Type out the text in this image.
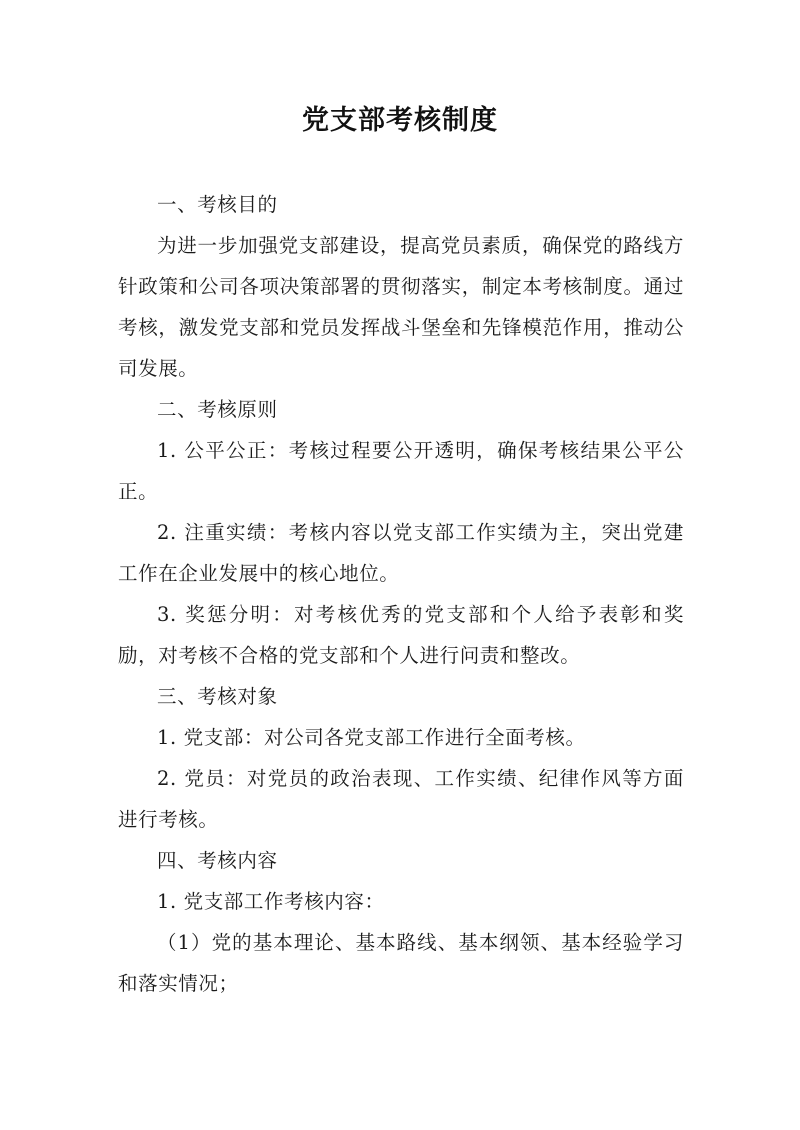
党支部考核制度

一、考核目的

为进一步加强党支部建设，提高党员素质，确保党的路线方针政策和公司各项决策部署的贯彻落实，制定本考核制度。通过考核，激发党支部和党员发挥战斗堡垒和先锋模范作用，推动公司发展。

二、考核原则

1. 公平公正：考核过程要公开透明，确保考核结果公平公正。

2. 注重实绩：考核内容以党支部工作实绩为主，突出党建工作在企业发展中的核心地位。

3. 奖惩分明：对考核优秀的党支部和个人给予表彰和奖励，对考核不合格的党支部和个人进行问责和整改。

三、考核对象

1. 党支部：对公司各党支部工作进行全面考核。

2. 党员：对党员的政治表现、工作实绩、纪律作风等方面进行考核。

四、考核内容

1. 党支部工作考核内容：

（1）党的基本理论、基本路线、基本纲领、基本经验学习和落实情况；
